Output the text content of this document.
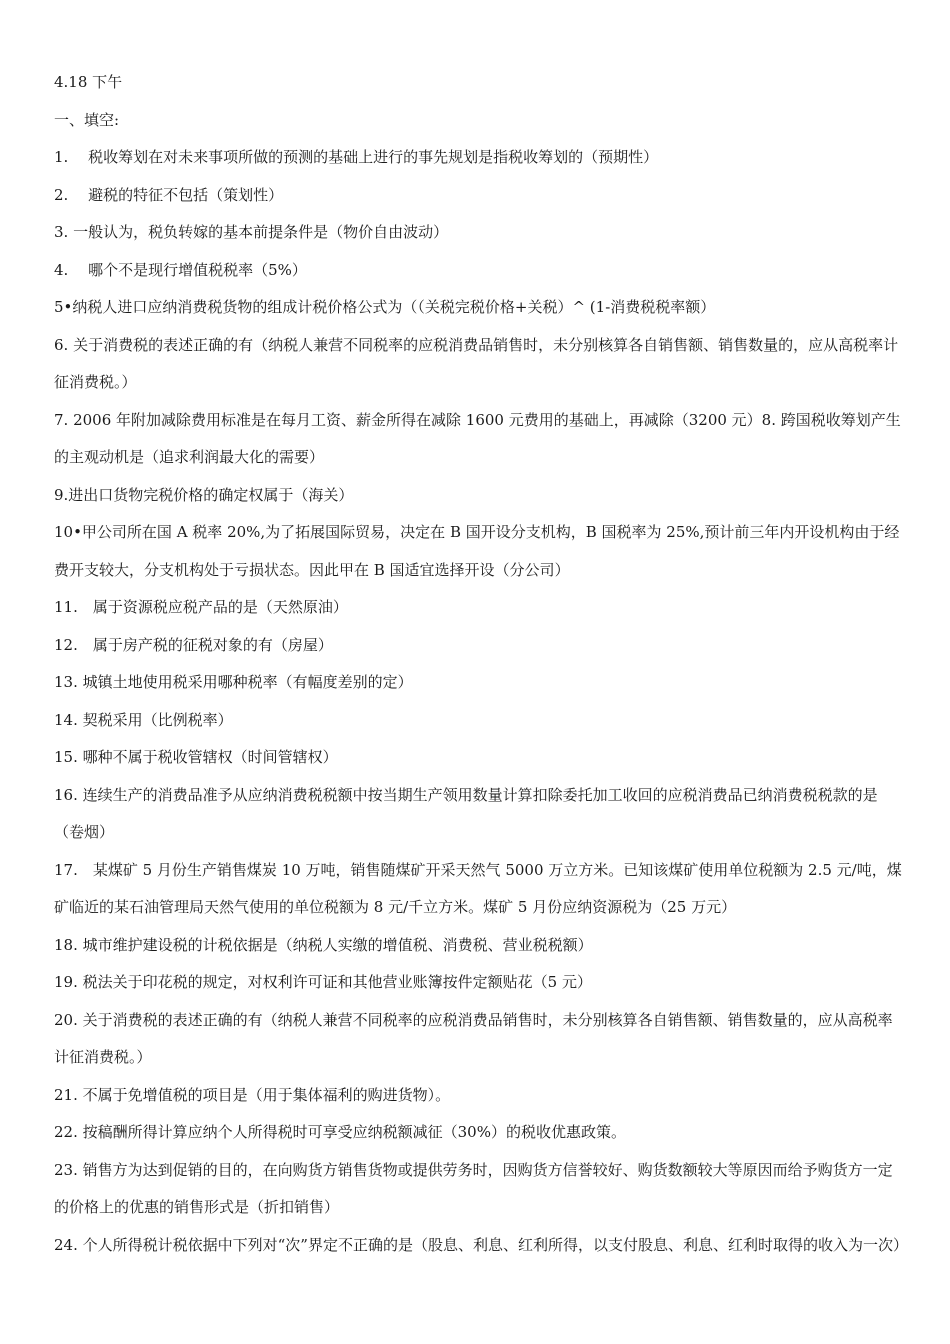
4.18 下午

一、填空:

1.　 税收筹划在对未来事项所做的预测的基础上进行的事先规划是指税收筹划的（预期性）

2.　 避税的特征不包括（策划性）

3. 一般认为，税负转嫁的基本前提条件是（物价自由波动）

4.　 哪个不是现行增值税税率（5%）

5•纳税人进口应纳消费税货物的组成计税价格公式为（（关税完税价格+关税）^ (1-消费税税率额）

6. 关于消费税的表述正确的有（纳税人兼营不同税率的应税消费品销售时，未分别核算各自销售额、销售数量的，应从高税率计征消费税。）

7. 2006 年附加减除费用标准是在每月工资、薪金所得在减除 1600 元费用的基础上，再减除（3200 元）8. 跨国税收筹划产生的主观动机是（追求利润最大化的需要）

9.进出口货物完税价格的确定权属于（海关）

10•甲公司所在国 A 税率 20%,为了拓展国际贸易，决定在 B 国开设分支机构，B 国税率为 25%,预计前三年内开设机构由于经费开支较大，分支机构处于亏损状态。因此甲在 B 国适宜选择开设（分公司）

11.　属于资源税应税产品的是（天然原油）

12.　属于房产税的征税对象的有（房屋）

13. 城镇土地使用税采用哪种税率（有幅度差别的定）

14. 契税采用（比例税率）

15. 哪种不属于税收管辖权（时间管辖权）

16. 连续生产的消费品准予从应纳消费税税额中按当期生产领用数量计算扣除委托加工收回的应税消费品已纳消费税税款的是（卷烟）

17.　某煤矿 5 月份生产销售煤炭 10 万吨，销售随煤矿开采天然气 5000 万立方米。已知该煤矿使用单位税额为 2.5 元/吨，煤矿临近的某石油管理局天然气使用的单位税额为 8 元/千立方米。煤矿 5 月份应纳资源税为（25 万元）

18. 城市维护建设税的计税依据是（纳税人实缴的增值税、消费税、营业税税额）

19. 税法关于印花税的规定，对权利许可证和其他营业账簿按件定额贴花（5 元）

20. 关于消费税的表述正确的有（纳税人兼营不同税率的应税消费品销售时，未分别核算各自销售额、销售数量的，应从高税率计征消费税。）

21. 不属于免增值税的项目是（用于集体福利的购进货物）。

22. 按稿酬所得计算应纳个人所得税时可享受应纳税额减征（30%）的税收优惠政策。

23. 销售方为达到促销的目的，在向购货方销售货物或提供劳务时，因购货方信誉较好、购货数额较大等原因而给予购货方一定的价格上的优惠的销售形式是（折扣销售）

24. 个人所得税计税依据中下列对“次”界定不正确的是（股息、利息、红利所得，以支付股息、利息、红利时取得的收入为一次）
